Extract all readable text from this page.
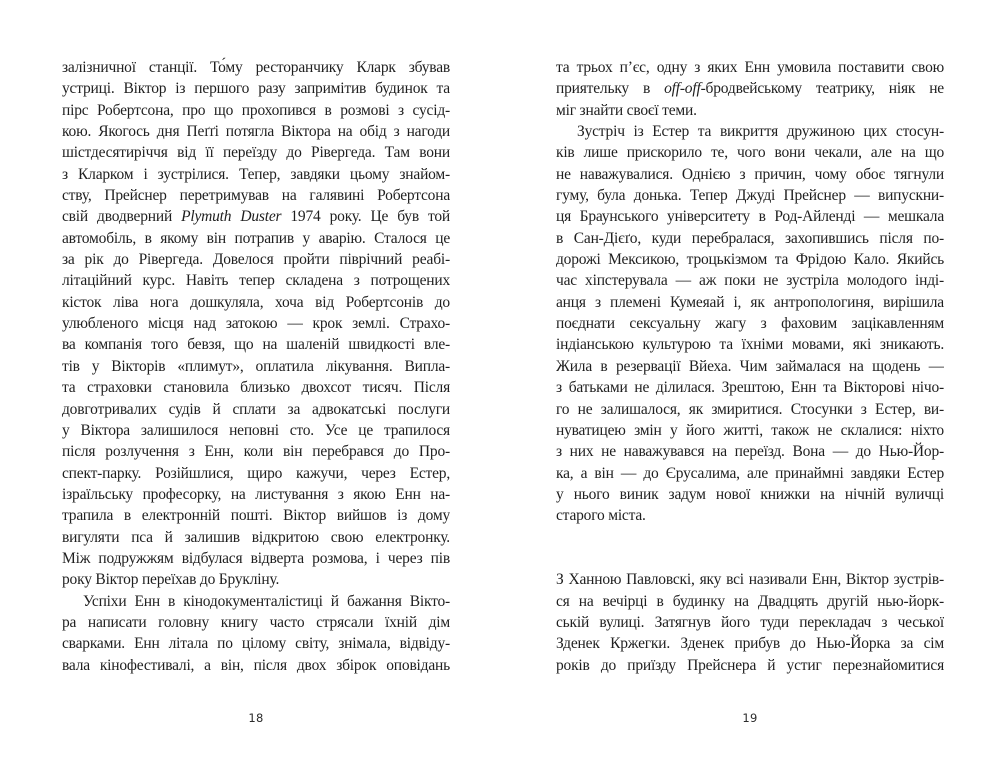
залізничної станції. То́му ресторанчику Кларк збував
устриці. Віктор із першого разу запримітив будинок та
пірс Робертсона, про що прохопився в розмові з сусід-
кою. Якогось дня Пеґґі потягла Віктора на обід з нагоди
шістдесятиріччя від її переїзду до Рівергеда. Там вони
з Кларком і зустрілися. Тепер, завдяки цьому знайом-
ству, Прейснер перетримував на галявині Робертсона
свій дводверний Plymuth Duster 1974 року. Це був той
автомобіль, в якому він потрапив у аварію. Сталося це
за рік до Рівергеда. Довелося пройти піврічний реабі-
літаційний курс. Навіть тепер складена з потрощених
кісток ліва нога дошкуляла, хоча від Робертсонів до
улюбленого місця над затокою — крок землі. Страхо-
ва компанія того бевзя, що на шаленій швидкості вле-
тів у Вікторів «плимут», оплатила лікування. Випла-
та страховки становила близько двохсот тисяч. Після
довготривалих судів й сплати за адвокатські послуги
у Віктора залишилося неповні сто. Усе це трапилося
після розлучення з Енн, коли він перебрався до Про-
спект-парку. Розійшлися, щиро кажучи, через Естер,
ізраїльську професорку, на листування з якою Енн на-
трапила в електронній пошті. Віктор вийшов із дому
вигуляти пса й залишив відкритою свою електронку.
Між подружжям відбулася відверта розмова, і через пів
року Віктор переїхав до Брукліну.
Успіхи Енн в кінодокументалістиці й бажання Вікто-
ра написати головну книгу часто стрясали їхній дім
сварками. Енн літала по цілому світу, знімала, відвіду-
вала кінофестивалі, а він, після двох збірок оповідань
та трьох п’єс, одну з яких Енн умовила поставити свою
приятельку в off-off-бродвейському театрику, ніяк не
міг знайти своєї теми.
Зустріч із Естер та викриття дружиною цих стосун-
ків лише прискорило те, чого вони чекали, але на що
не наважувалися. Однією з причин, чому обоє тягнули
гуму, була донька. Тепер Джуді Прейснер — випускни-
ця Браунського університету в Род-Айленді — мешкала
в Сан-Дієґо, куди перебралася, захопившись після по-
дорожі Мексикою, троцькізмом та Фрідою Кало. Якийсь
час хіпстерувала — аж поки не зустріла молодого інді-
анця з племені Кумеяай і, як антропологиня, вирішила
поєднати сексуальну жагу з фаховим зацікавленням
індіанською культурою та їхніми мовами, які зникають.
Жила в резервації Вйеха. Чим займалася на щодень —
з батьками не ділилася. Зрештою, Енн та Вікторові нічо-
го не залишалося, як змиритися. Стосунки з Естер, ви-
нуватицею змін у його житті, також не склалися: ніхто
з них не наважувався на переїзд. Вона — до Нью-Йор-
ка, а він — до Єрусалима, але принаймні завдяки Естер
у нього виник задум нової книжки на нічній вуличці
старого міста.
З Ханною Павловскі, яку всі називали Енн, Віктор зустрів-
ся на вечірці в будинку на Двадцять другій нью-йорк-
ській вулиці. Затягнув його туди перекладач з чеської
Зденек Кржегки. Зденек прибув до Нью-Йорка за сім
років до приїзду Прейснера й устиг перезнайомитися
18	19
